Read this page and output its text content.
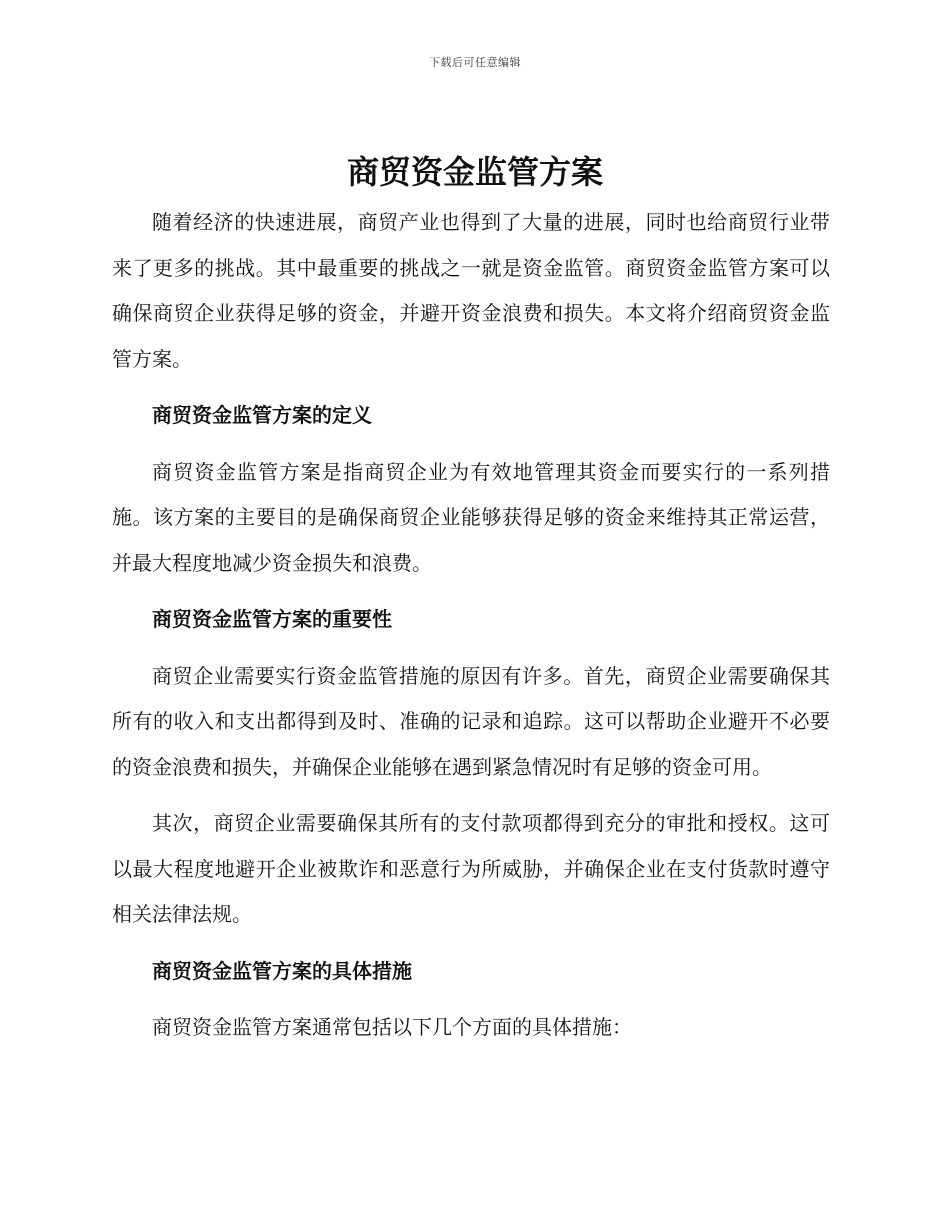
下载后可任意编辑
商贸资金监管方案

随着经济的快速进展，商贸产业也得到了大量的进展，同时也给商贸行业带来了更多的挑战。其中最重要的挑战之一就是资金监管。商贸资金监管方案可以确保商贸企业获得足够的资金，并避开资金浪费和损失。本文将介绍商贸资金监管方案。

商贸资金监管方案的定义

商贸资金监管方案是指商贸企业为有效地管理其资金而要实行的一系列措施。该方案的主要目的是确保商贸企业能够获得足够的资金来维持其正常运营，并最大程度地减少资金损失和浪费。

商贸资金监管方案的重要性

商贸企业需要实行资金监管措施的原因有许多。首先，商贸企业需要确保其所有的收入和支出都得到及时、准确的记录和追踪。这可以帮助企业避开不必要的资金浪费和损失，并确保企业能够在遇到紧急情况时有足够的资金可用。

其次，商贸企业需要确保其所有的支付款项都得到充分的审批和授权。这可以最大程度地避开企业被欺诈和恶意行为所威胁，并确保企业在支付货款时遵守相关法律法规。

商贸资金监管方案的具体措施

商贸资金监管方案通常包括以下几个方面的具体措施：
